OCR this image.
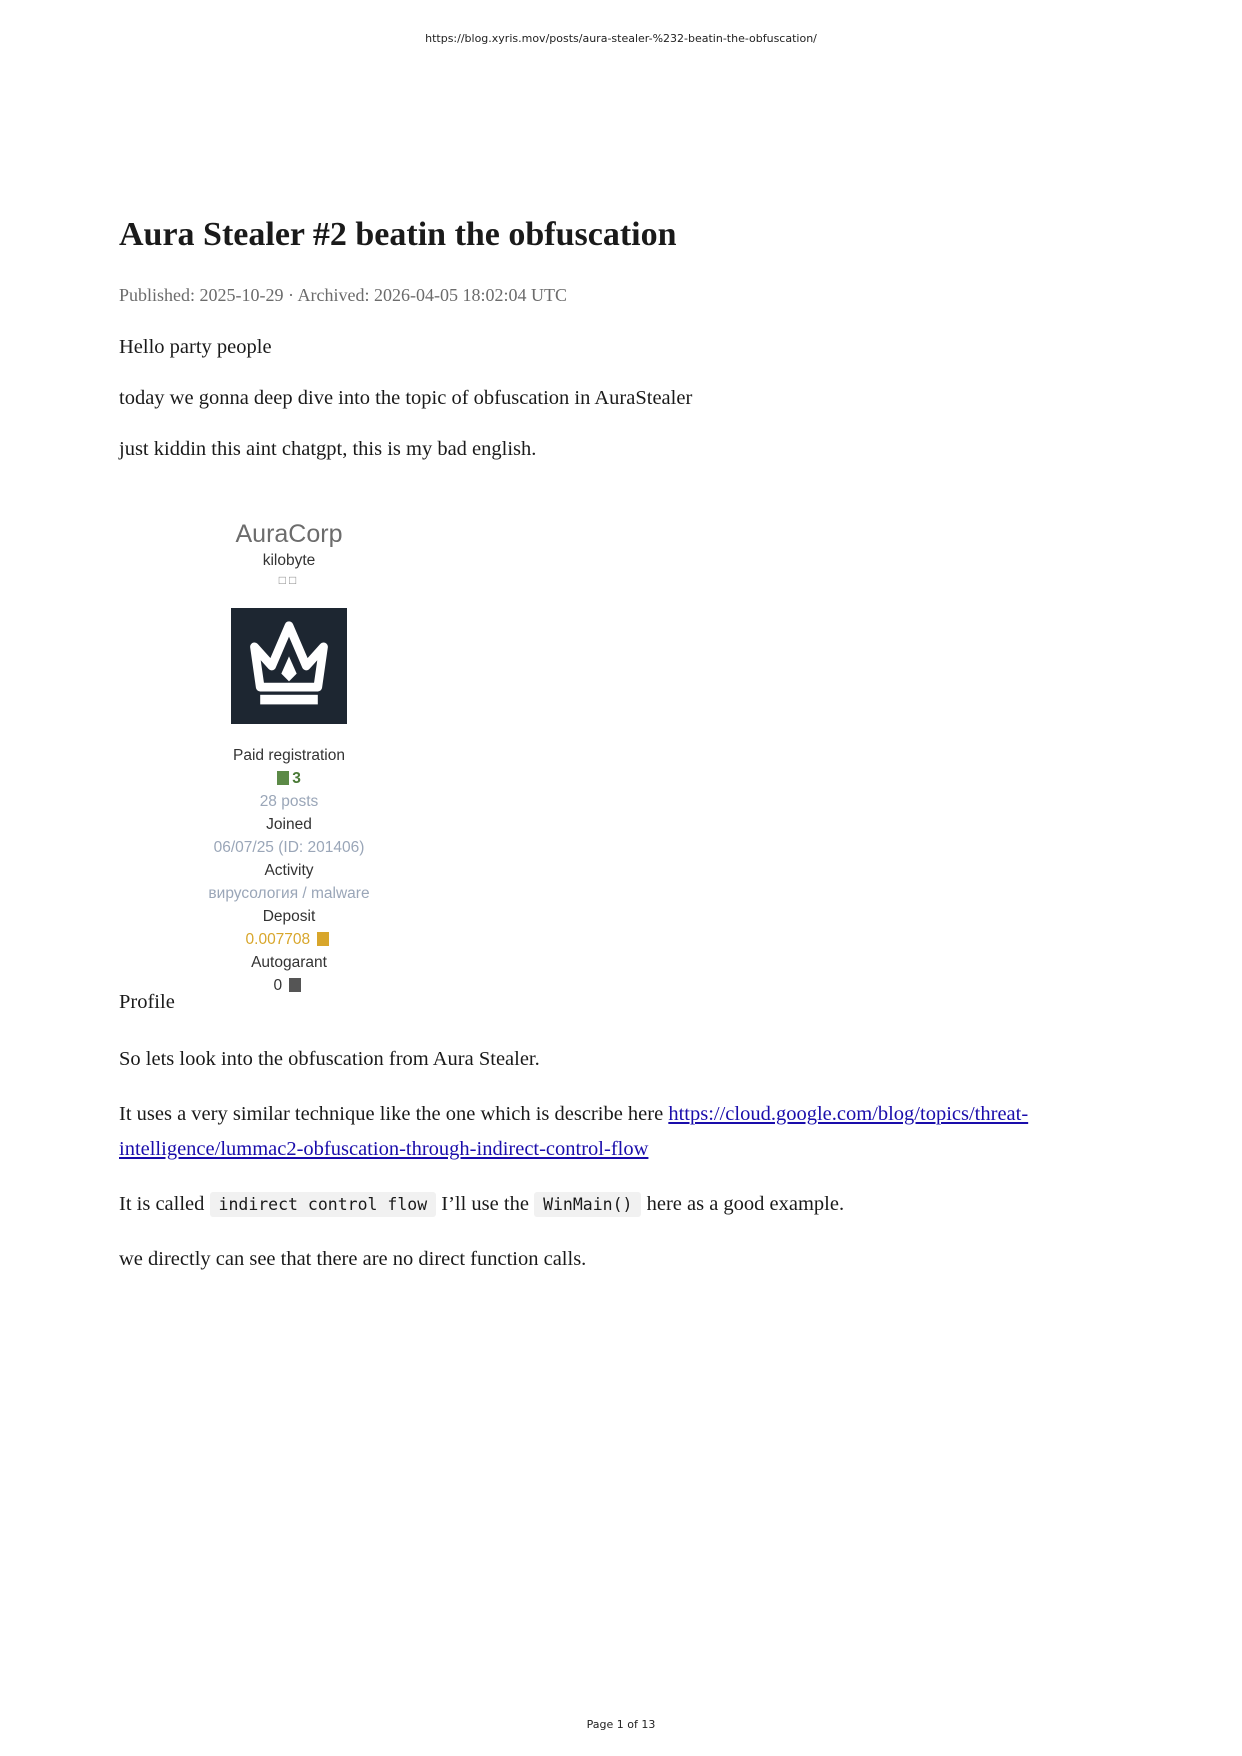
https://blog.xyris.mov/posts/aura-stealer-%232-beatin-the-obfuscation/
Aura Stealer #2 beatin the obfuscation
Published: 2025-10-29 · Archived: 2026-04-05 18:02:04 UTC

Hello party people

today we gonna deep dive into the topic of obfuscation in AuraStealer

just kiddin this aint chatgpt, this is my bad english.

Profile

So lets look into the obfuscation from Aura Stealer.

It uses a very similar technique like the one which is describe here https://cloud.google.com/blog/topics/threat-intelligence/lummac2-obfuscation-through-indirect-control-flow

It is called indirect control flow I’ll use the WinMain() here as a good example.

we directly can see that there are no direct function calls.

AuraCorp
kilobyte
□□
Paid registration
3
28 posts
Joined
06/07/25 (ID: 201406)
Activity
вирусология / malware
Deposit
0.007708
Autogarant
0
Page 1 of 13
